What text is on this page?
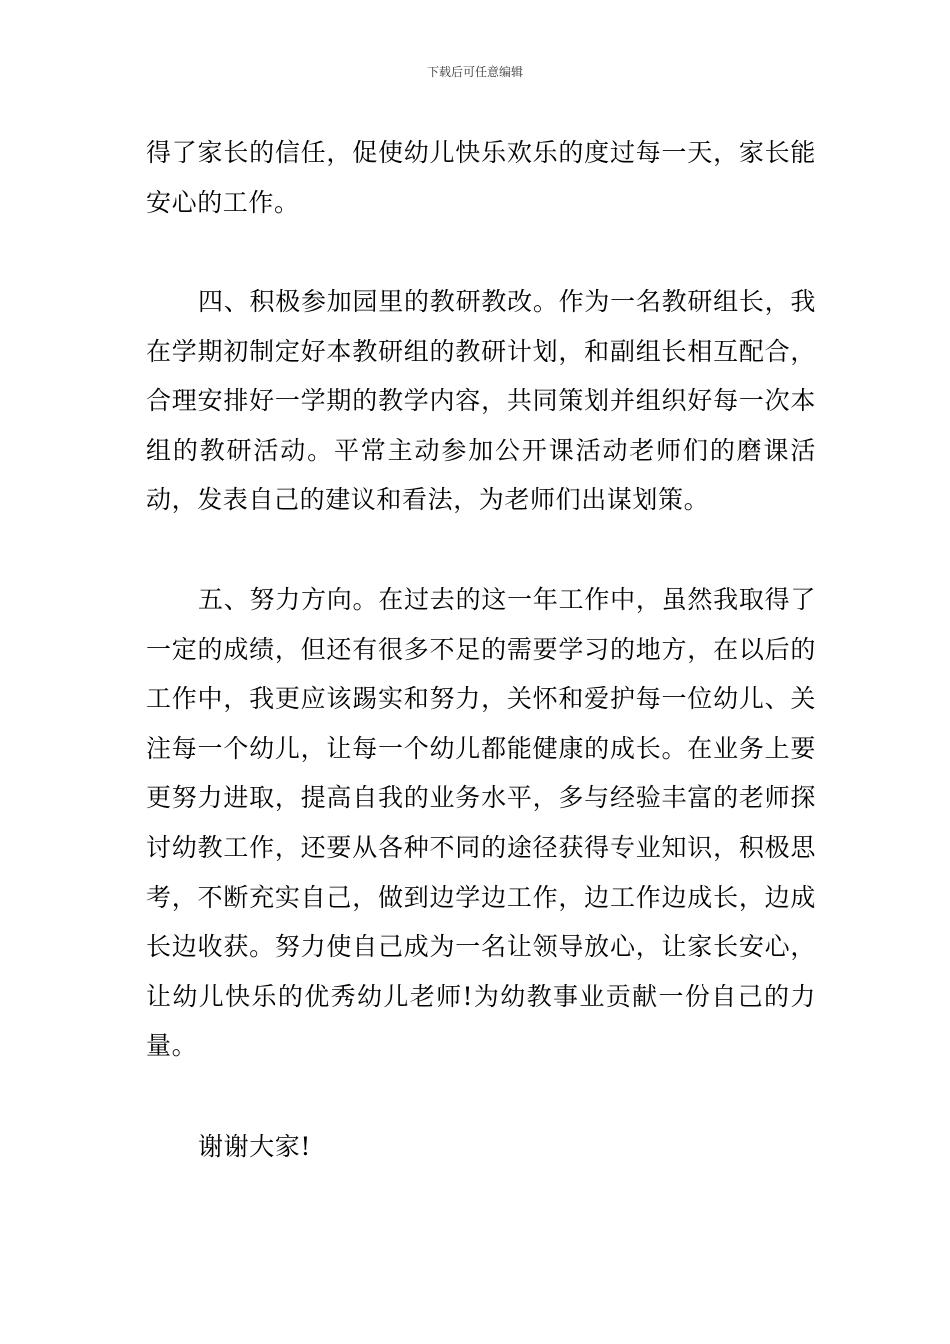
下载后可任意编辑

得了家长的信任，促使幼儿快乐欢乐的度过每一天，家长能安心的工作。

四、积极参加园里的教研教改。作为一名教研组长，我在学期初制定好本教研组的教研计划，和副组长相互配合，合理安排好一学期的教学内容，共同策划并组织好每一次本组的教研活动。平常主动参加公开课活动老师们的磨课活动，发表自己的建议和看法，为老师们出谋划策。

五、努力方向。在过去的这一年工作中，虽然我取得了一定的成绩，但还有很多不足的需要学习的地方，在以后的工作中，我更应该踢实和努力，关怀和爱护每一位幼儿、关注每一个幼儿，让每一个幼儿都能健康的成长。在业务上要更努力进取，提高自我的业务水平，多与经验丰富的老师探讨幼教工作，还要从各种不同的途径获得专业知识，积极思考，不断充实自己，做到边学边工作，边工作边成长，边成长边收获。努力使自己成为一名让领导放心，让家长安心，让幼儿快乐的优秀幼儿老师!为幼教事业贡献一份自己的力量。

谢谢大家!
